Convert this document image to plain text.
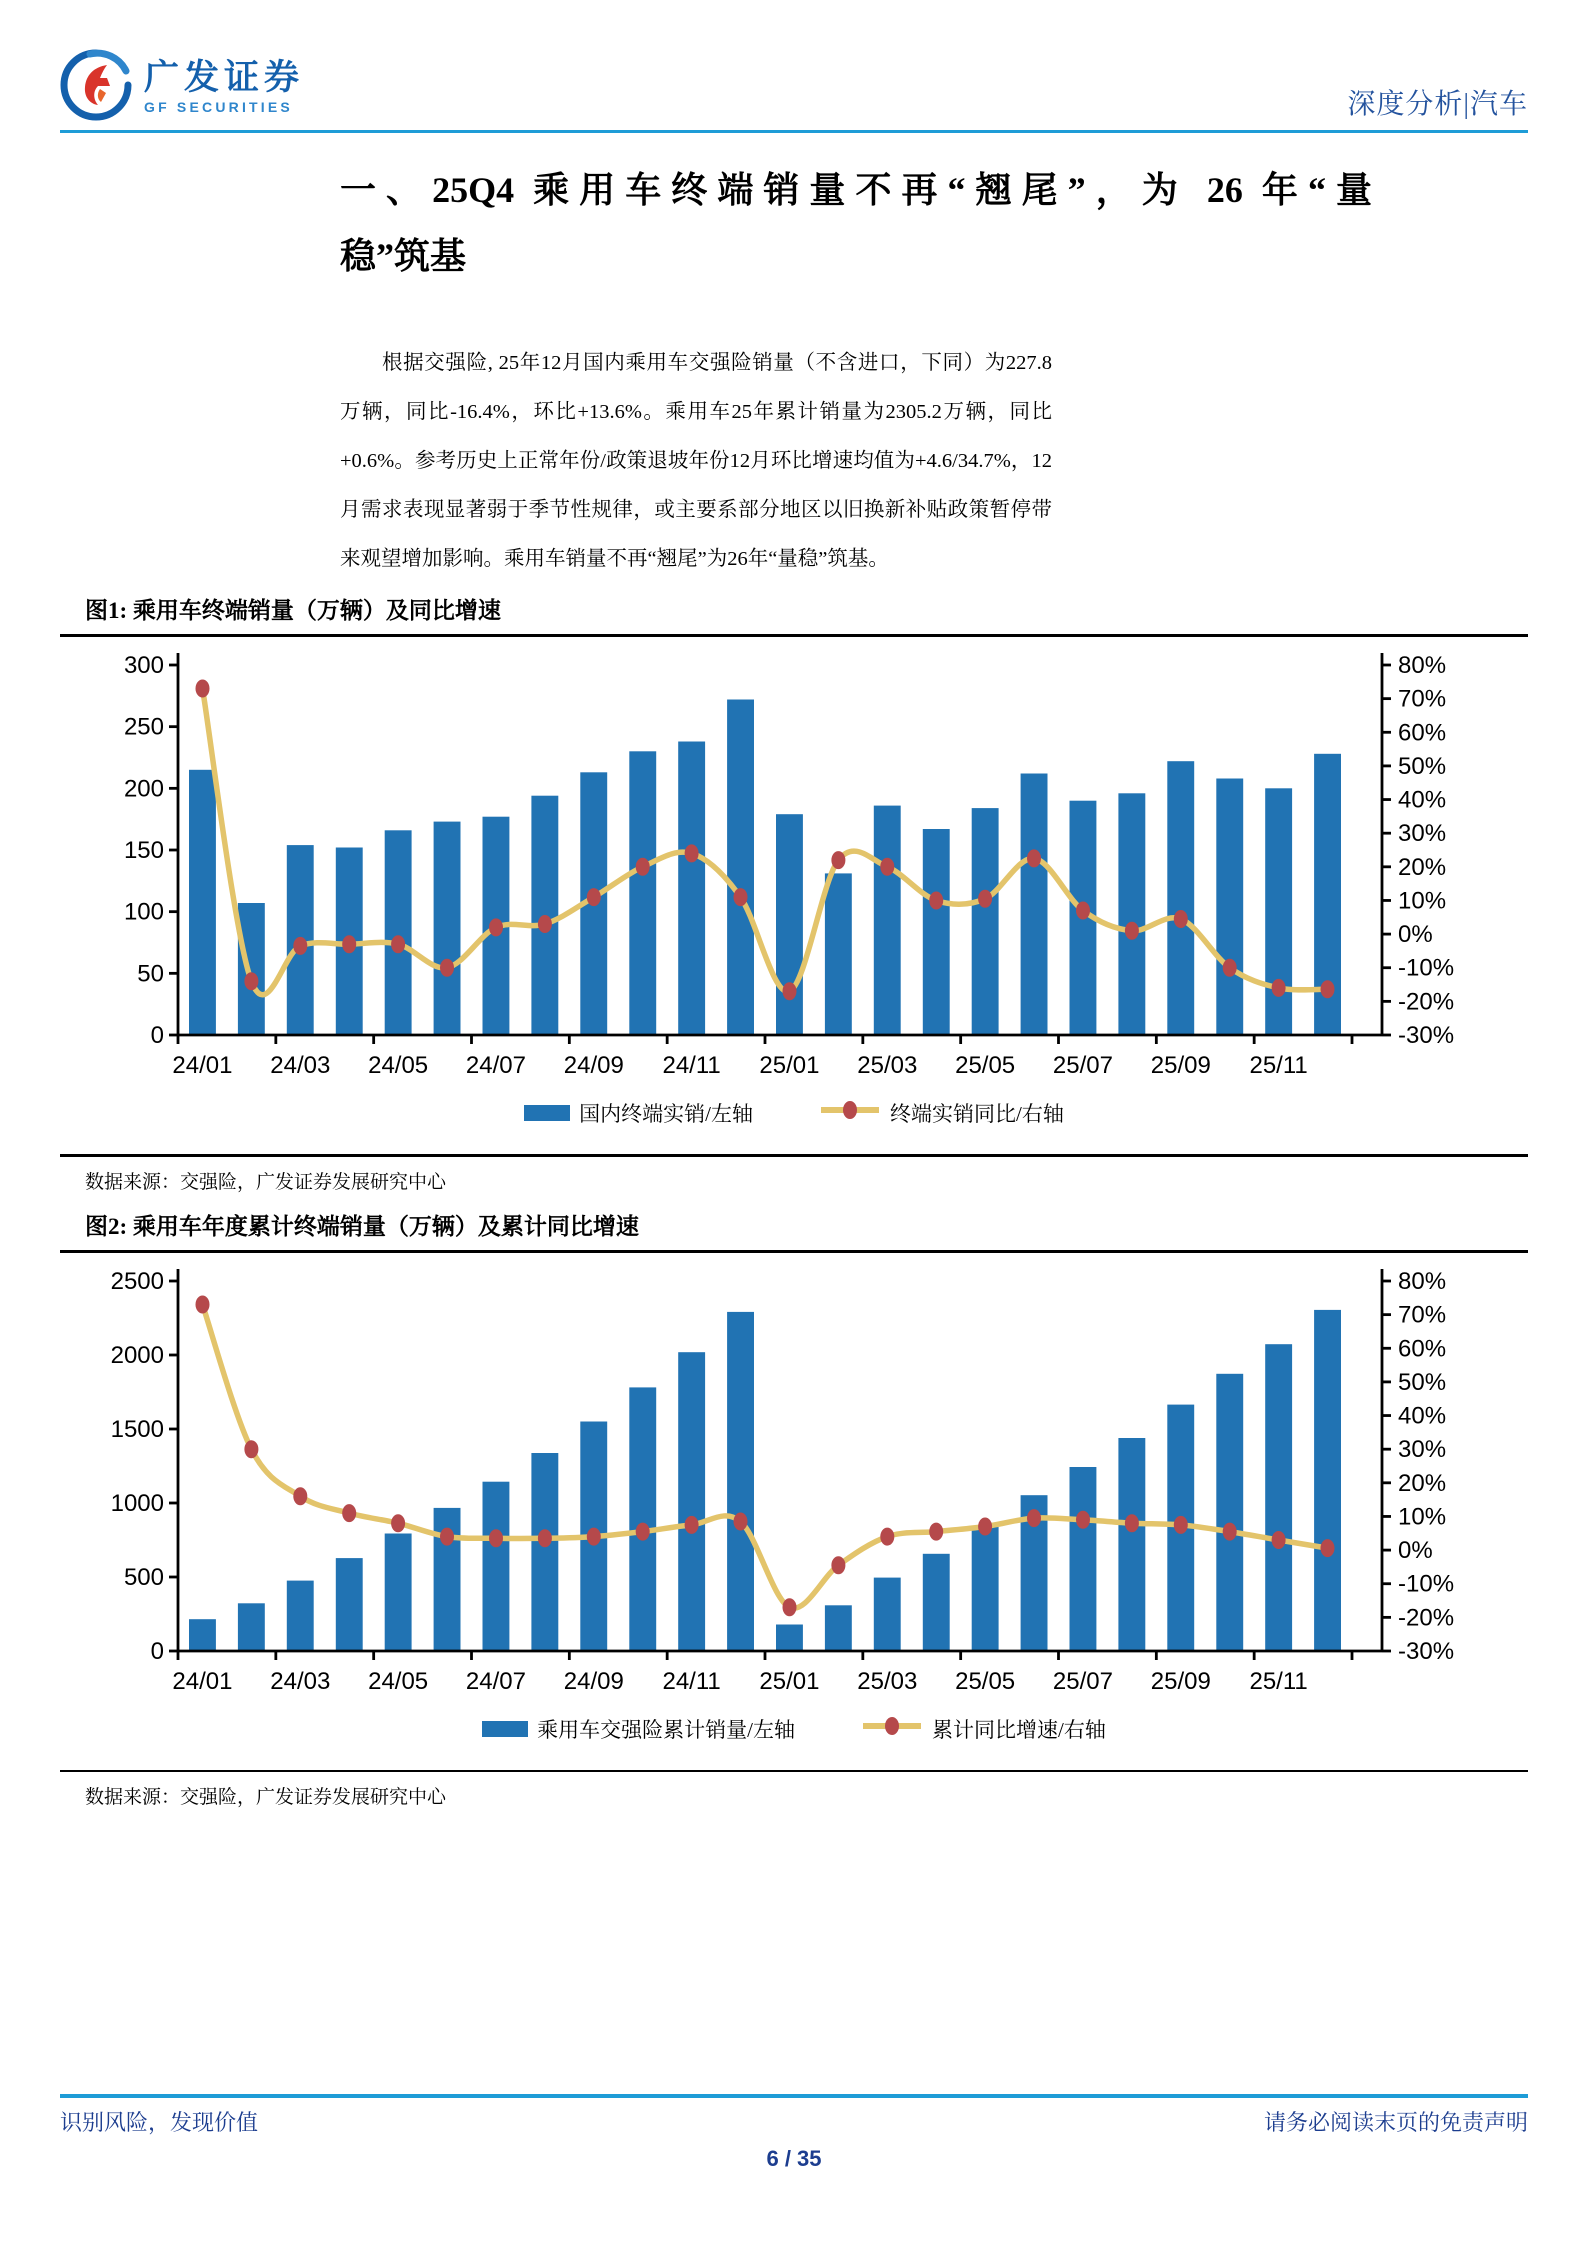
广发证券
GF SECURITIES	深度分析|汽车
一、25Q4 乘用车终端销量不再“翘尾”，为 26 年“量
稳”筑基

根据交强险, 25年12月国内乘用车交强险销量（不含进口，下同）为227.8万辆，同比-16.4%，环比+13.6%。乘用车25年累计销量为2305.2万辆，同比+0.6%。参考历史上正常年份/政策退坡年份12月环比增速均值为+4.6/34.7%，12月需求表现显著弱于季节性规律，或主要系部分地区以旧换新补贴政策暂停带来观望增加影响。乘用车销量不再“翘尾”为26年“量稳”筑基。

图1: 乘用车终端销量（万辆）及同比增速
0
50
100
150
200
250
300
-30%
-20%
-10%
0%
10%
20%
30%
40%
50%
60%
70%
80%
24/01 24/03 24/05 24/07 24/09 24/11 25/01 25/03 25/05 25/07 25/09 25/11
国内终端实销/左轴	终端实销同比/右轴
数据来源：交强险，广发证券发展研究中心
图2: 乘用车年度累计终端销量（万辆）及累计同比增速
0
500
1000
1500
2000
2500
-30%
-20%
-10%
0%
10%
20%
30%
40%
50%
60%
70%
80%
24/01 24/03 24/05 24/07 24/09 24/11 25/01 25/03 25/05 25/07 25/09 25/11
乘用车交强险累计销量/左轴	累计同比增速/右轴
数据来源：交强险，广发证券发展研究中心
识别风险，发现价值	请务必阅读末页的免责声明
6 / 35
